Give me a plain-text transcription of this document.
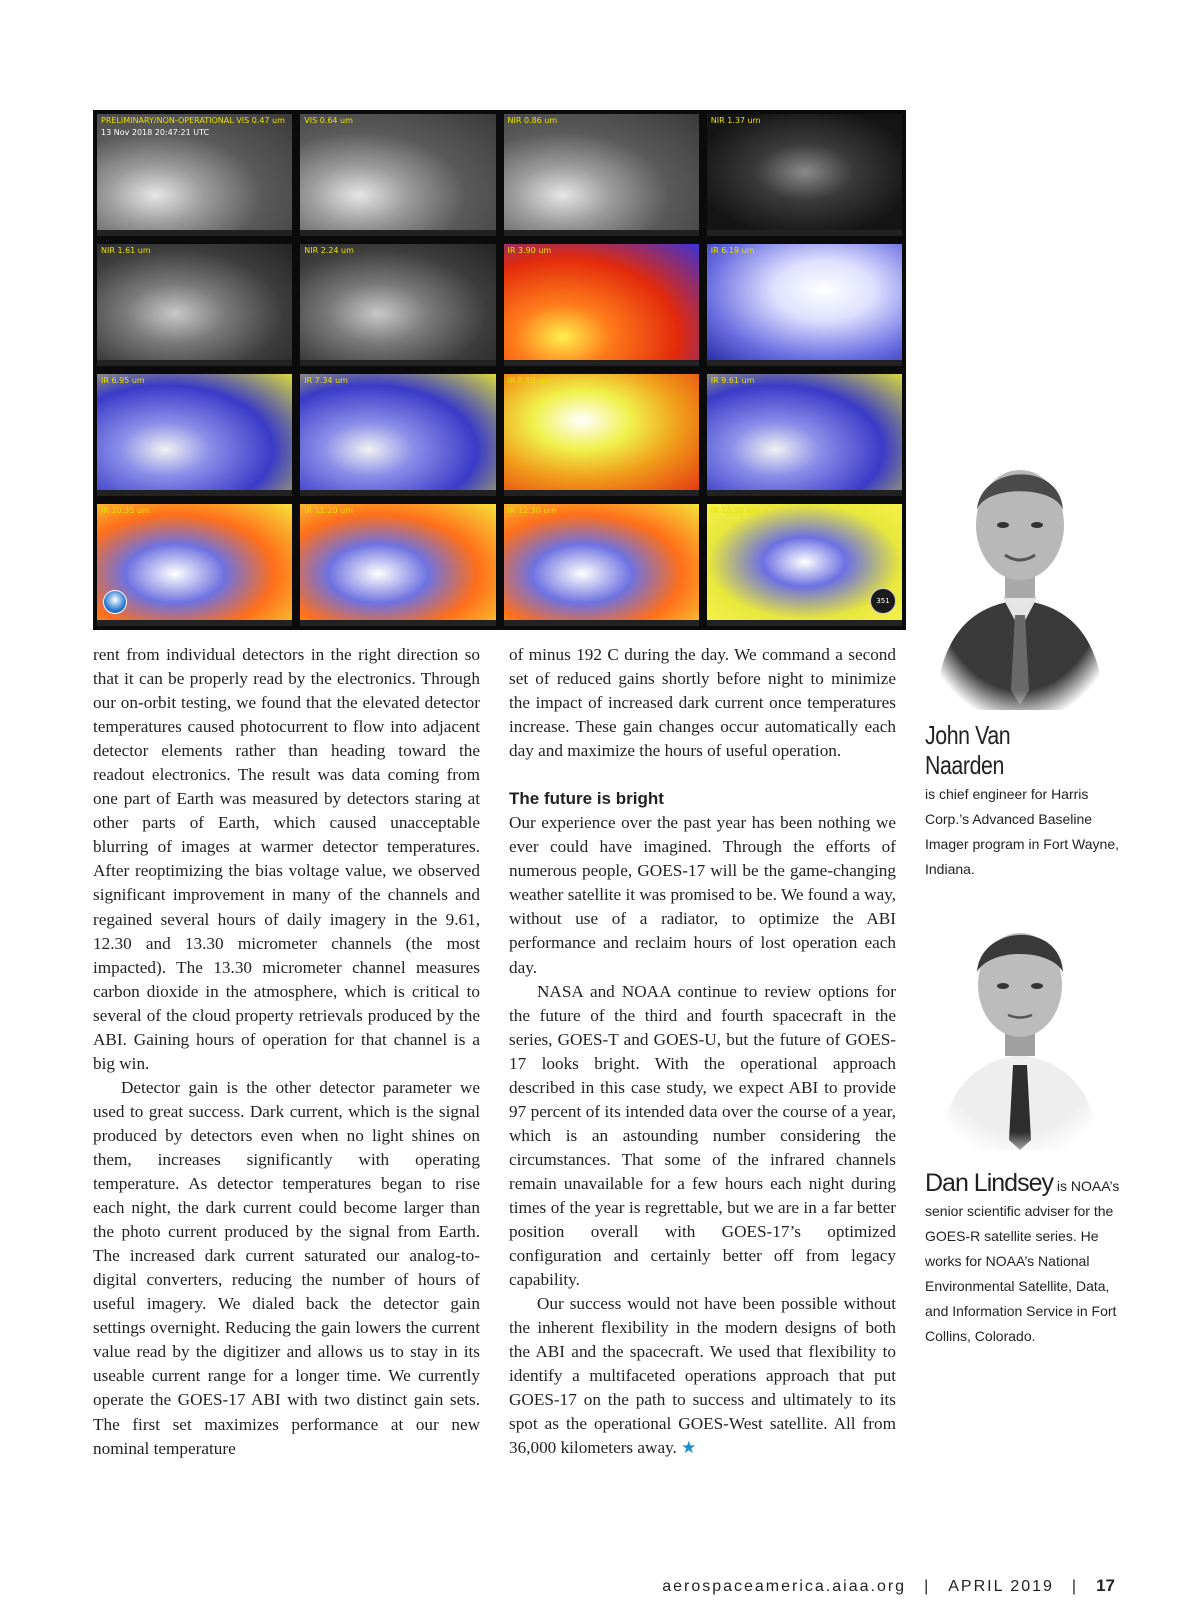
PRELIMINARY/NON-OPERATIONAL VIS 0.47 um
13 Nov 2018 20:47:21 UTC
VIS 0.64 um	NIR 0.86 um	NIR 1.37 um
NIR 1.61 um	NIR 2.24 um	IR 3.90 um	IR 6.19 um
IR 6.95 um	IR 7.34 um	IR 8.50 um	IR 9.61 um
IR 10.35 um	IR 11.20 um	IR 12.30 um	IR 13.30 um
351

rent from individual detectors in the right direction so that it can be properly read by the electronics. Through our on-orbit testing, we found that the elevated detector temperatures caused photocurrent to flow into adjacent detector elements rather than heading toward the readout electronics. The result was data coming from one part of Earth was measured by detectors staring at other parts of Earth, which caused unacceptable blurring of images at warmer detector temperatures. After reoptimizing the bias voltage value, we observed significant improvement in many of the channels and regained several hours of daily imagery in the 9.61, 12.30 and 13.30 micrometer channels (the most impacted). The 13.30 micrometer channel measures carbon dioxide in the atmosphere, which is critical to several of the cloud property retrievals produced by the ABI. Gaining hours of operation for that channel is a big win.

Detector gain is the other detector parameter we used to great success. Dark current, which is the signal produced by detectors even when no light shines on them, increases significantly with operating temperature. As detector temperatures began to rise each night, the dark current could become larger than the photo current produced by the signal from Earth. The increased dark current saturated our analog-to-digital converters, reducing the number of hours of useful imagery. We dialed back the detector gain settings overnight. Reducing the gain lowers the current value read by the digitizer and allows us to stay in its useable current range for a longer time. We currently operate the GOES-17 ABI with two distinct gain sets. The first set maximizes performance at our new nominal temperature

of minus 192 C during the day. We command a second set of reduced gains shortly before night to minimize the impact of increased dark current once temperatures increase. These gain changes occur automatically each day and maximize the hours of useful operation.

The future is bright

Our experience over the past year has been nothing we ever could have imagined. Through the efforts of numerous people, GOES-17 will be the game-changing weather satellite it was promised to be. We found a way, without use of a radiator, to optimize the ABI performance and reclaim hours of lost operation each day.

NASA and NOAA continue to review options for the future of the third and fourth spacecraft in the series, GOES-T and GOES-U, but the future of GOES-17 looks bright. With the operational approach described in this case study, we expect ABI to provide 97 percent of its intended data over the course of a year, which is an astounding number considering the circumstances. That some of the infrared channels remain unavailable for a few hours each night during times of the year is regrettable, but we are in a far better position overall with GOES-17’s optimized configuration and certainly better off from legacy capability.

Our success would not have been possible without the inherent flexibility in the modern designs of both the ABI and the spacecraft. We used that flexibility to identify a multifaceted operations approach that put GOES-17 on the path to success and ultimately to its spot as the operational GOES-West satellite. All from 36,000 kilometers away. ★

John Van Naarden
is chief engineer for Harris Corp.’s Advanced Baseline Imager program in Fort Wayne, Indiana.
Dan Lindsey is NOAA’s senior scientific adviser for the GOES-R satellite series. He works for NOAA’s National Environmental Satellite, Data, and Information Service in Fort Collins, Colorado.
aerospaceamerica.aiaa.org | APRIL 2019 | 17
